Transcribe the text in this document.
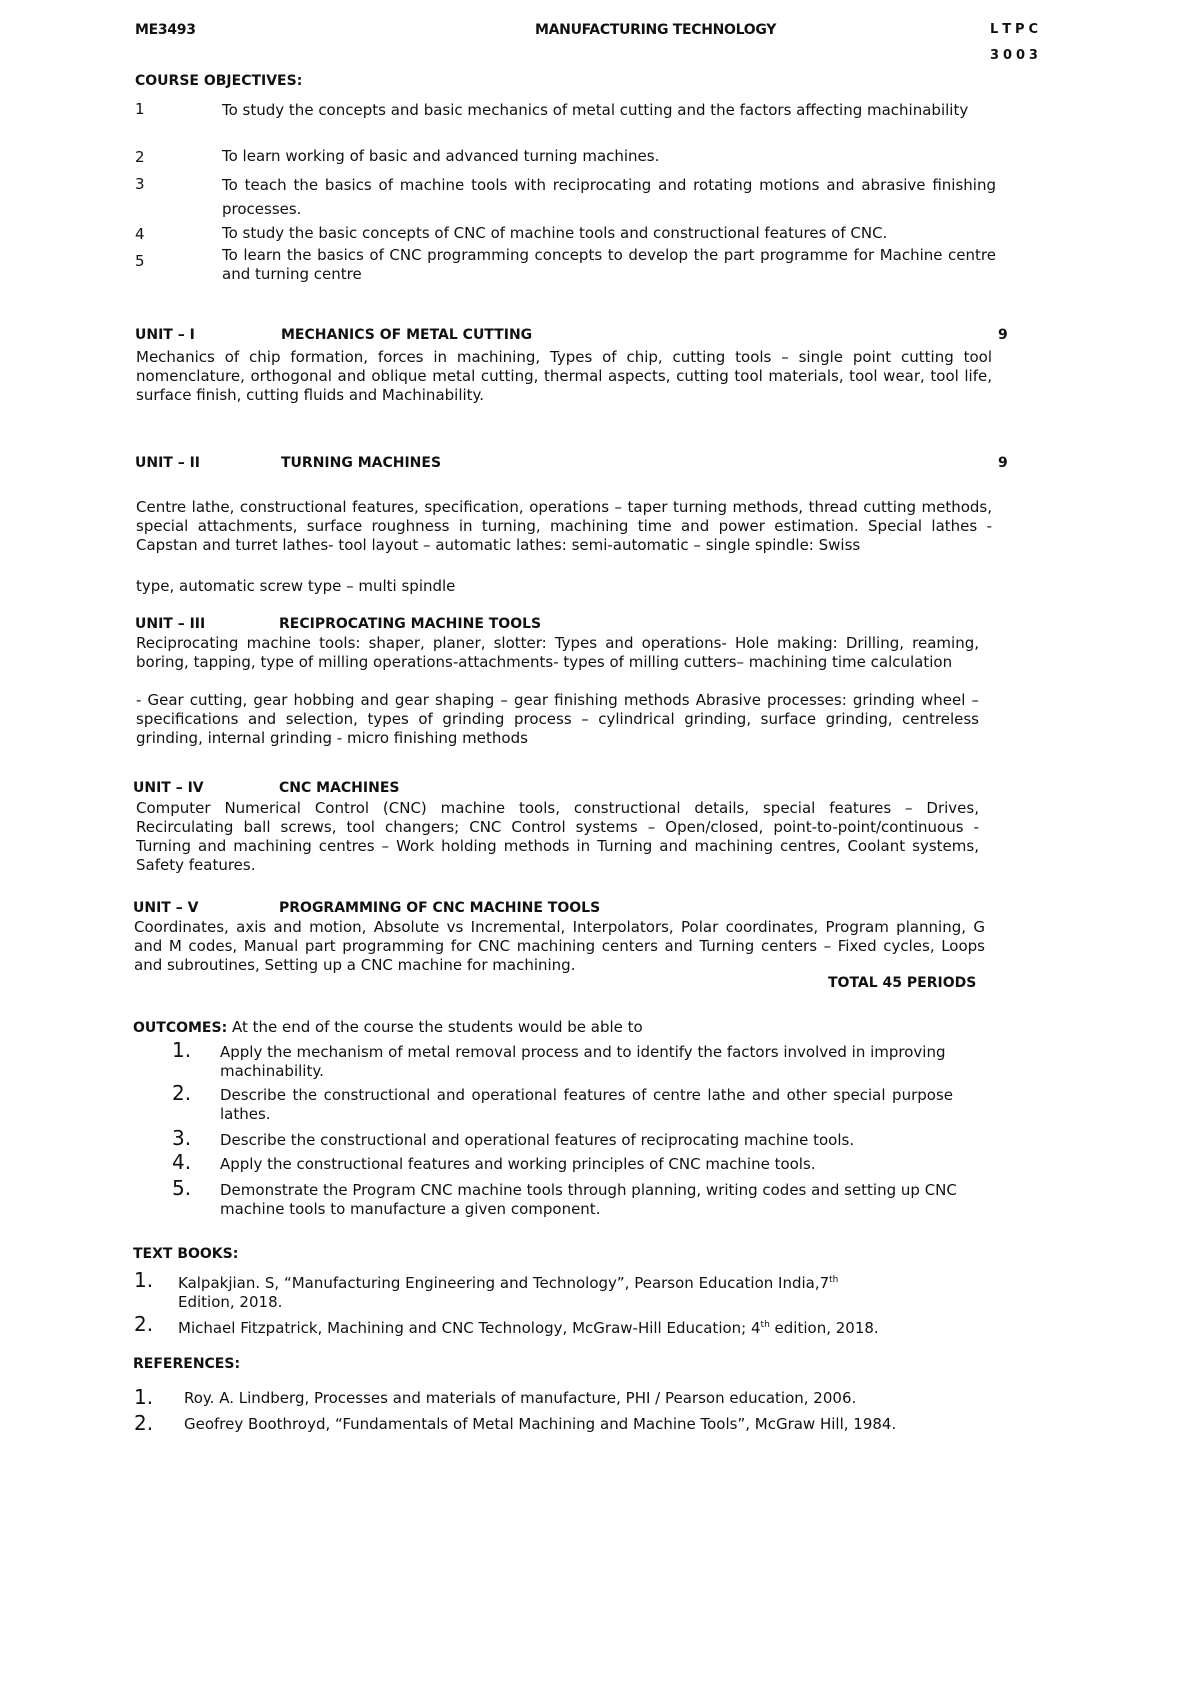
ME3493	MANUFACTURING TECHNOLOGY	L T P C
3 0 0 3
COURSE OBJECTIVES:
1	To study the concepts and basic mechanics of metal cutting and the factors affecting machinability
2	To learn working of basic and advanced turning machines.
3	To teach the basics of machine tools with reciprocating and rotating motions and abrasive finishing processes.
4	To study the basic concepts of CNC of machine tools and constructional features of CNC.
5	To learn the basics of CNC programming concepts to develop the part programme for Machine centre and turning centre
UNIT – I	MECHANICS OF METAL CUTTING	9
Mechanics of chip formation, forces in machining, Types of chip, cutting tools – single point cutting tool nomenclature, orthogonal and oblique metal cutting, thermal aspects, cutting tool materials, tool wear, tool life, surface finish, cutting fluids and Machinability.
UNIT – II	TURNING MACHINES	9
Centre lathe, constructional features, specification, operations – taper turning methods, thread cutting methods, special attachments, surface roughness in turning, machining time and power estimation. Special lathes - Capstan and turret lathes- tool layout – automatic lathes: semi-automatic – single spindle: Swiss
type, automatic screw type – multi spindle
UNIT – III	RECIPROCATING MACHINE TOOLS
Reciprocating machine tools: shaper, planer, slotter: Types and operations- Hole making: Drilling, reaming, boring, tapping, type of milling operations-attachments- types of milling cutters– machining time calculation
- Gear cutting, gear hobbing and gear shaping – gear finishing methods Abrasive processes: grinding wheel – specifications and selection, types of grinding process – cylindrical grinding, surface grinding, centreless grinding, internal grinding - micro finishing methods
UNIT – IV	CNC MACHINES
Computer Numerical Control (CNC) machine tools, constructional details, special features – Drives, Recirculating ball screws, tool changers; CNC Control systems – Open/closed, point-to-point/continuous - Turning and machining centres – Work holding methods in Turning and machining centres, Coolant systems, Safety features.
UNIT – V	PROGRAMMING OF CNC MACHINE TOOLS
Coordinates, axis and motion, Absolute vs Incremental, Interpolators, Polar coordinates, Program planning, G and M codes, Manual part programming for CNC machining centers and Turning centers – Fixed cycles, Loops and subroutines, Setting up a CNC machine for machining.
TOTAL 45 PERIODS
OUTCOMES: At the end of the course the students would be able to
1. Apply the mechanism of metal removal process and to identify the factors involved in improving machinability.
2. Describe the constructional and operational features of centre lathe and other special purpose lathes.
3. Describe the constructional and operational features of reciprocating machine tools.
4. Apply the constructional features and working principles of CNC machine tools.
5. Demonstrate the Program CNC machine tools through planning, writing codes and setting up CNC machine tools to manufacture a given component.
TEXT BOOKS:
1. Kalpakjian. S, “Manufacturing Engineering and Technology”, Pearson Education India,7th
Edition, 2018.
2. Michael Fitzpatrick, Machining and CNC Technology, McGraw-Hill Education; 4th edition, 2018.
REFERENCES:
1. Roy. A. Lindberg, Processes and materials of manufacture, PHI / Pearson education, 2006.
2. Geofrey Boothroyd, “Fundamentals of Metal Machining and Machine Tools”, McGraw Hill, 1984.
